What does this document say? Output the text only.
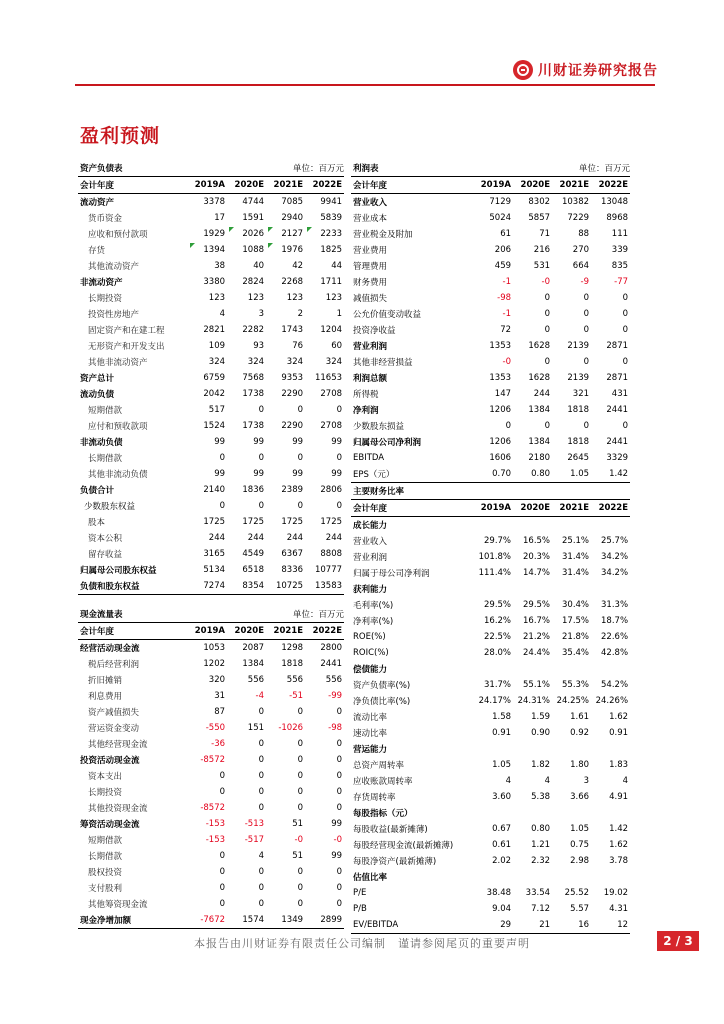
川财证券研究报告
盈利预测
资产负债表		单位：百万元		
会计年度	2019A	2020E	2021E	2022E
流动资产	3378	4744	7085	9941
货币资金	17	1591	2940	5839
应收和预付款项	1929	2026	2127	2233
存货	1394	1088	1976	1825
其他流动资产	38	40	42	44
非流动资产	3380	2824	2268	1711
长期投资	123	123	123	123
投资性房地产	4	3	2	1
固定资产和在建工程	2821	2282	1743	1204
无形资产和开发支出	109	93	76	60
其他非流动资产	324	324	324	324
资产总计	6759	7568	9353	11653
流动负债	2042	1738	2290	2708
短期借款	517	0	0	0
应付和预收款项	1524	1738	2290	2708
非流动负债	99	99	99	99
长期借款	0	0	0	0
其他非流动负债	99	99	99	99
负债合计	2140	1836	2389	2806
少数股东权益	0	0	0	0
股本	1725	1725	1725	1725
资本公积	244	244	244	244
留存收益	3165	4549	6367	8808
归属母公司股东权益	5134	6518	8336	10777
负债和股东权益	7274	8354	10725	13583
利润表		单位：百万元		
会计年度	2019A	2020E	2021E	2022E
营业收入	7129	8302	10382	13048
营业成本	5024	5857	7229	8968
营业税金及附加	61	71	88	111
营业费用	206	216	270	339
管理费用	459	531	664	835
财务费用	-1	-0	-9	-77
减值损失	-98	0	0	0
公允价值变动收益	-1	0	0	0
投资净收益	72	0	0	0
营业利润	1353	1628	2139	2871
其他非经营损益	-0	0	0	0
利润总额	1353	1628	2139	2871
所得税	147	244	321	431
净利润	1206	1384	1818	2441
少数股东损益	0	0	0	0
归属母公司净利润	1206	1384	1818	2441
EBITDA	1606	2180	2645	3329
EPS（元）	0.70	0.80	1.05	1.42
主要财务比率				
会计年度	2019A	2020E	2021E	2022E
成长能力				
营业收入	29.7%	16.5%	25.1%	25.7%
营业利润	101.8%	20.3%	31.4%	34.2%
归属于母公司净利润	111.4%	14.7%	31.4%	34.2%
获利能力				
毛利率(%)	29.5%	29.5%	30.4%	31.3%
净利率(%)	16.2%	16.7%	17.5%	18.7%
ROE(%)	22.5%	21.2%	21.8%	22.6%
ROIC(%)	28.0%	24.4%	35.4%	42.8%
偿债能力				
资产负债率(%)	31.7%	55.1%	55.3%	54.2%
净负债比率(%)	24.17%	24.31%	24.25%	24.26%
流动比率	1.58	1.59	1.61	1.62
速动比率	0.91	0.90	0.92	0.91
营运能力				
总资产周转率	1.05	1.82	1.80	1.83
应收账款周转率	4	4	3	4
存货周转率	3.60	5.38	3.66	4.91
每股指标（元）				
每股收益(最新摊薄)	0.67	0.80	1.05	1.42
每股经营现金流(最新摊薄)	0.61	1.21	0.75	1.62
每股净资产(最新摊薄)	2.02	2.32	2.98	3.78
估值比率				
P/E	38.48	33.54	25.52	19.02
P/B	9.04	7.12	5.57	4.31
EV/EBITDA	29	21	16	12
现金流量表		单位：百万元		
会计年度	2019A	2020E	2021E	2022E
经营活动现金流	1053	2087	1298	2800
税后经营利润	1202	1384	1818	2441
折旧摊销	320	556	556	556
利息费用	31	-4	-51	-99
资产减值损失	87	0	0	0
营运资金变动	-550	151	-1026	-98
其他经营现金流	-36	0	0	0
投资活动现金流	-8572	0	0	0
资本支出	0	0	0	0
长期投资	0	0	0	0
其他投资现金流	-8572	0	0	0
筹资活动现金流	-153	-513	51	99
短期借款	-153	-517	-0	-0
长期借款	0	4	51	99
股权投资	0	0	0	0
支付股利	0	0	0	0
其他筹资现金流	0	0	0	0
现金净增加额	-7672	1574	1349	2899
本报告由川财证券有限责任公司编制　谨请参阅尾页的重要声明	2 / 3
